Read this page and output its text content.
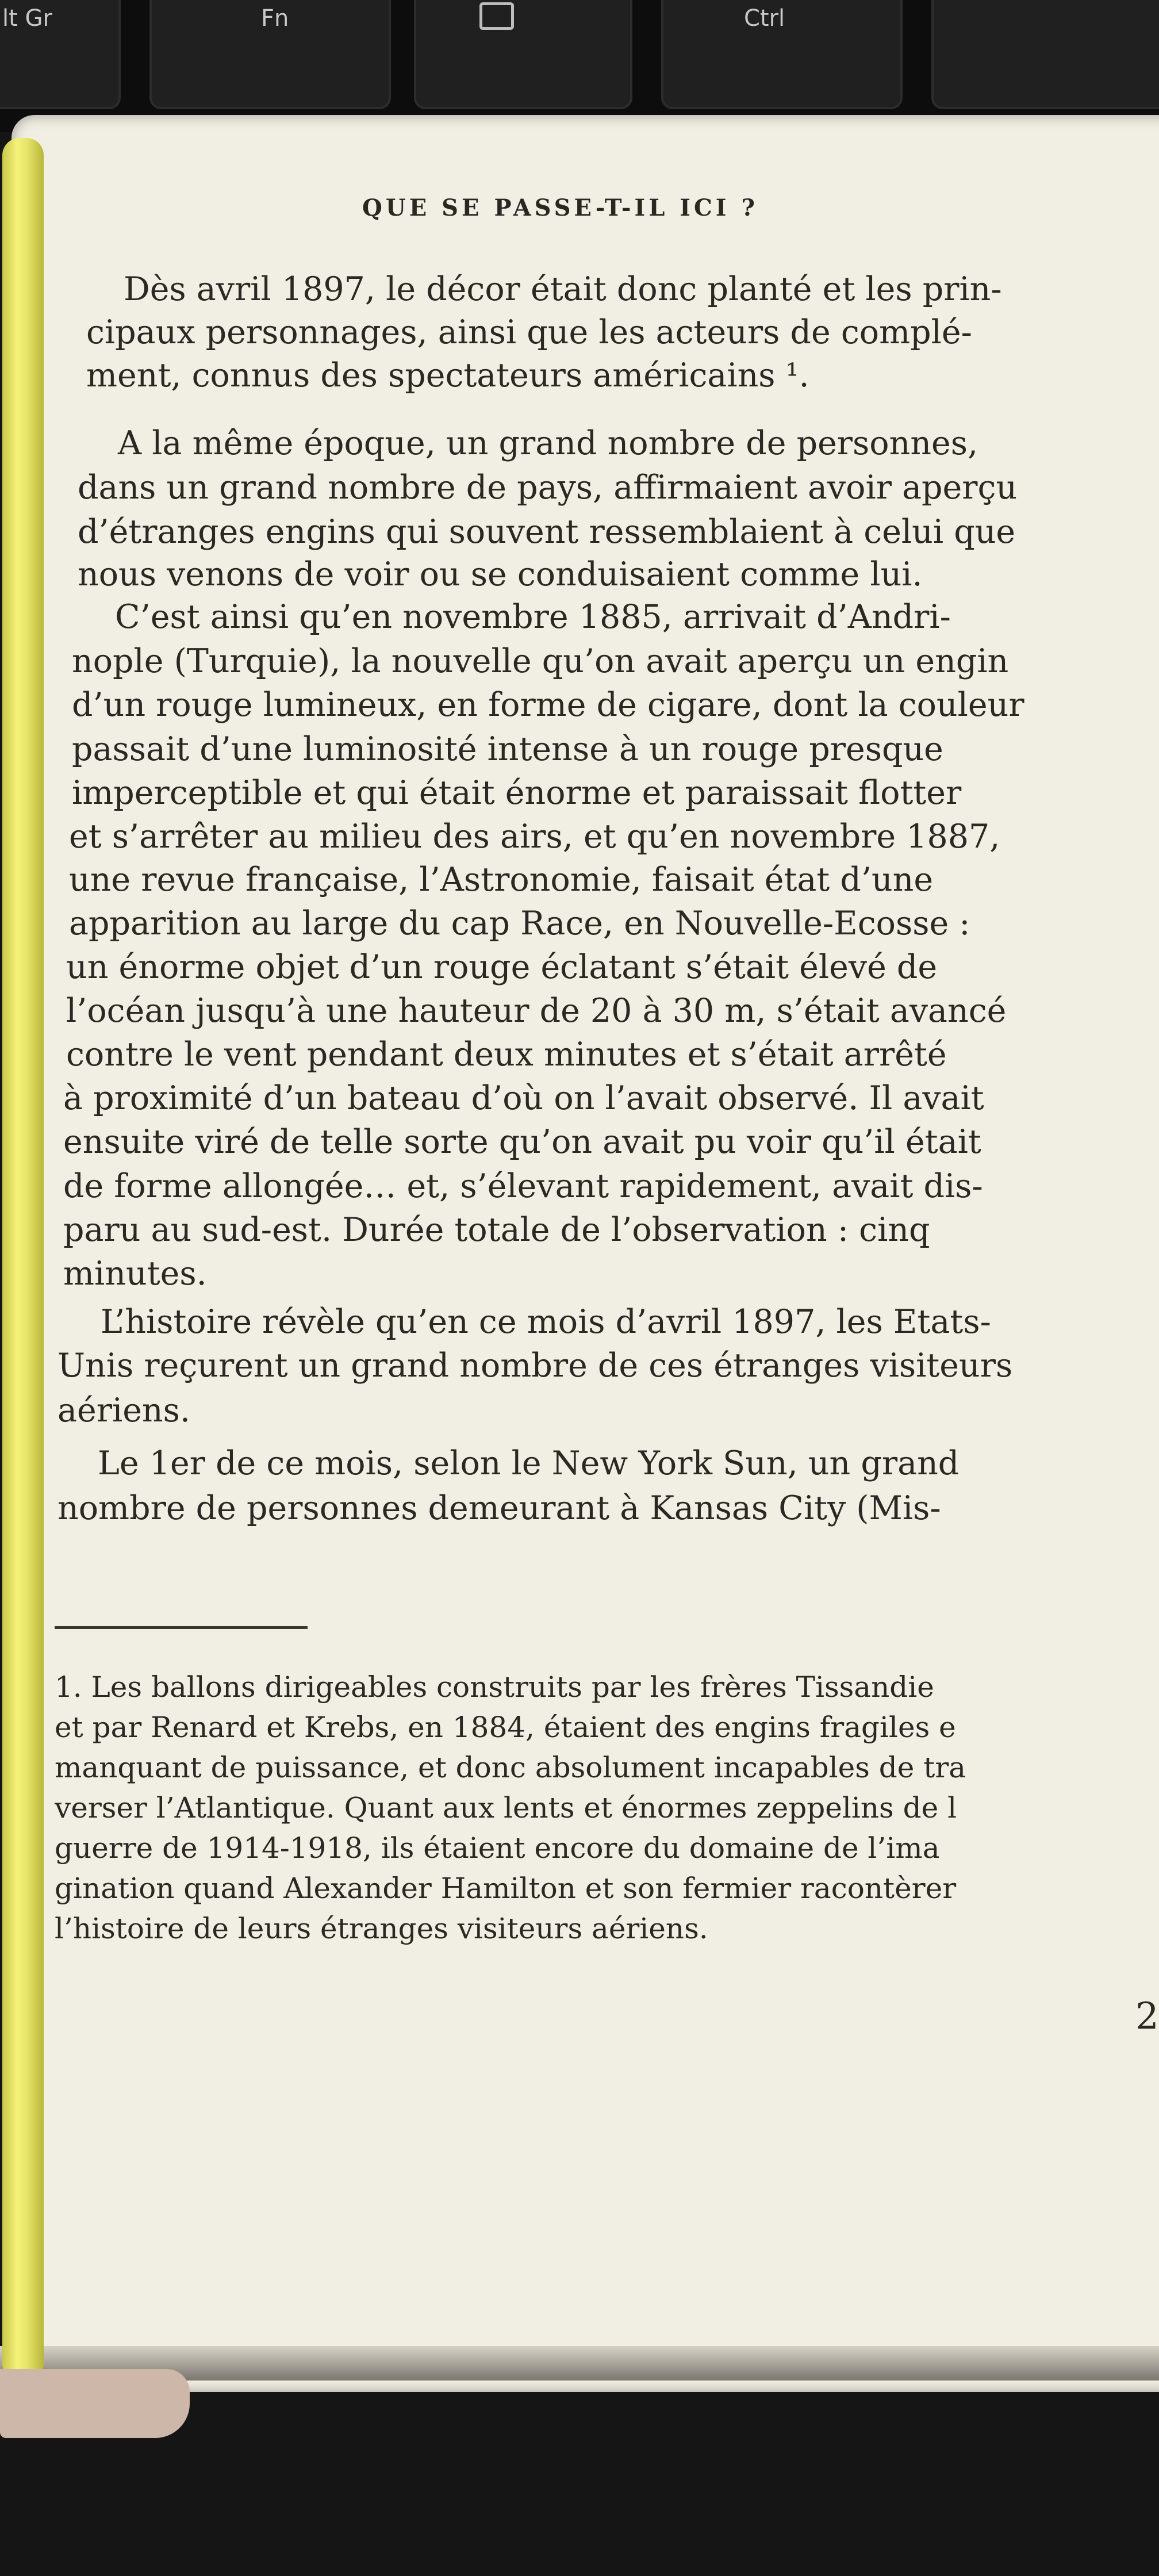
lt Gr	Fn	Ctrl
QUE SE PASSE-T-IL ICI ?
Dès avril 1897, le décor était donc planté et les prin-
cipaux personnages, ainsi que les acteurs de complé-
ment, connus des spectateurs américains ¹.
A la même époque, un grand nombre de personnes,
dans un grand nombre de pays, affirmaient avoir aperçu
d’étranges engins qui souvent ressemblaient à celui que
nous venons de voir ou se conduisaient comme lui.
C’est ainsi qu’en novembre 1885, arrivait d’Andri-
nople (Turquie), la nouvelle qu’on avait aperçu un engin
d’un rouge lumineux, en forme de cigare, dont la couleur
passait d’une luminosité intense à un rouge presque
imperceptible et qui était énorme et paraissait flotter
et s’arrêter au milieu des airs, et qu’en novembre 1887,
une revue française, l’Astronomie, faisait état d’une
apparition au large du cap Race, en Nouvelle-Ecosse :
un énorme objet d’un rouge éclatant s’était élevé de
l’océan jusqu’à une hauteur de 20 à 30 m, s’était avancé
contre le vent pendant deux minutes et s’était arrêté
à proximité d’un bateau d’où on l’avait observé. Il avait
ensuite viré de telle sorte qu’on avait pu voir qu’il était
de forme allongée… et, s’élevant rapidement, avait dis-
paru au sud-est. Durée totale de l’observation : cinq
minutes.
L’histoire révèle qu’en ce mois d’avril 1897, les Etats-
Unis reçurent un grand nombre de ces étranges visiteurs
aériens.
Le 1er de ce mois, selon le New York Sun, un grand
nombre de personnes demeurant à Kansas City (Mis-
1. Les ballons dirigeables construits par les frères Tissandie
et par Renard et Krebs, en 1884, étaient des engins fragiles e
manquant de puissance, et donc absolument incapables de tra
verser l’Atlantique. Quant aux lents et énormes zeppelins de l
guerre de 1914-1918, ils étaient encore du domaine de l’ima
gination quand Alexander Hamilton et son fermier racontèrer
l’histoire de leurs étranges visiteurs aériens.
2
